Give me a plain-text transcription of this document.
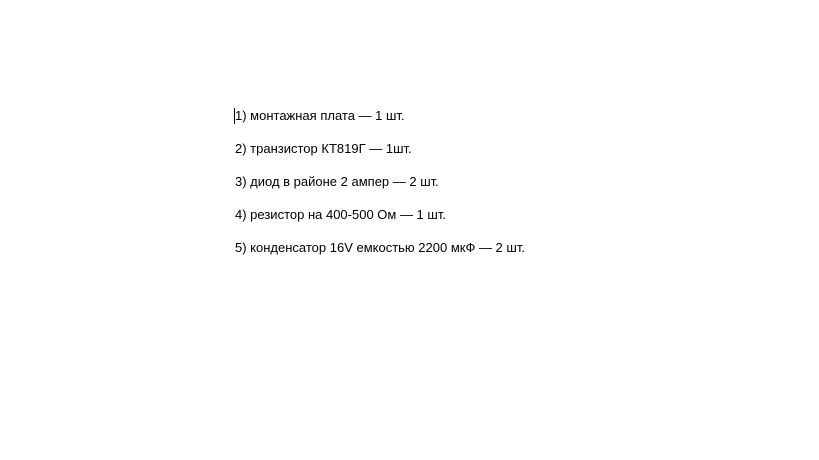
1) монтажная плата — 1 шт.
2) транзистор КТ819Г — 1шт.
3) диод в районе 2 ампер — 2 шт.
4) резистор на 400-500 Ом — 1 шт.
5) конденсатор 16V емкостью 2200 мкФ — 2 шт.
